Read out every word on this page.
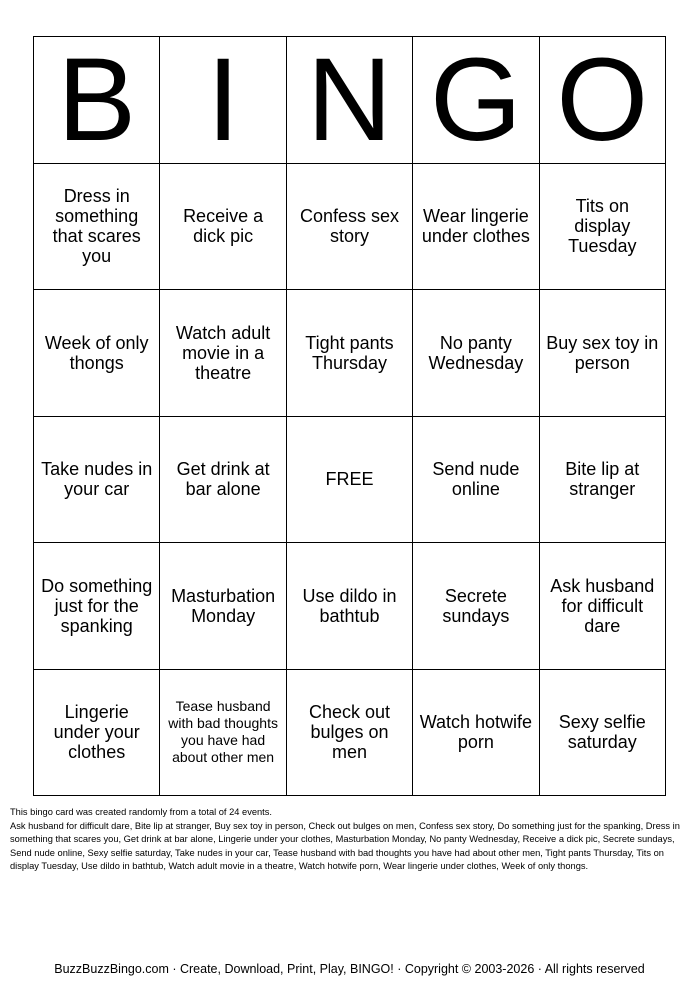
B I N G O
Dress in something that scares you
Receive a dick pic
Confess sex story
Wear lingerie under clothes
Tits on display Tuesday
Week of only thongs
Watch adult movie in a theatre
Tight pants Thursday
No panty Wednesday
Buy sex toy in person
Take nudes in your car
Get drink at bar alone	FREE	Send nude online
Bite lip at stranger
Do something just for the spanking
Masturbation Monday
Use dildo in bathtub
Secrete sundays
Ask husband for difficult dare
Lingerie under your clothes
Tease husband with bad thoughts you have had about other men
Check out bulges on men
Watch hotwife porn
Sexy selfie saturday

This bingo card was created randomly from a total of 24 events.

Ask husband for difficult dare, Bite lip at stranger, Buy sex toy in person, Check out bulges on men, Confess sex story, Do something just for the spanking, Dress in something that scares you, Get drink at bar alone, Lingerie under your clothes, Masturbation Monday, No panty Wednesday, Receive a dick pic, Secrete sundays, Send nude online, Sexy selfie saturday, Take nudes in your car, Tease husband with bad thoughts you have had about other men, Tight pants Thursday, Tits on display Tuesday, Use dildo in bathtub, Watch adult movie in a theatre, Watch hotwife porn, Wear lingerie under clothes, Week of only thongs.

BuzzBuzzBingo.com · Create, Download, Print, Play, BINGO! · Copyright © 2003-2026 · All rights reserved
